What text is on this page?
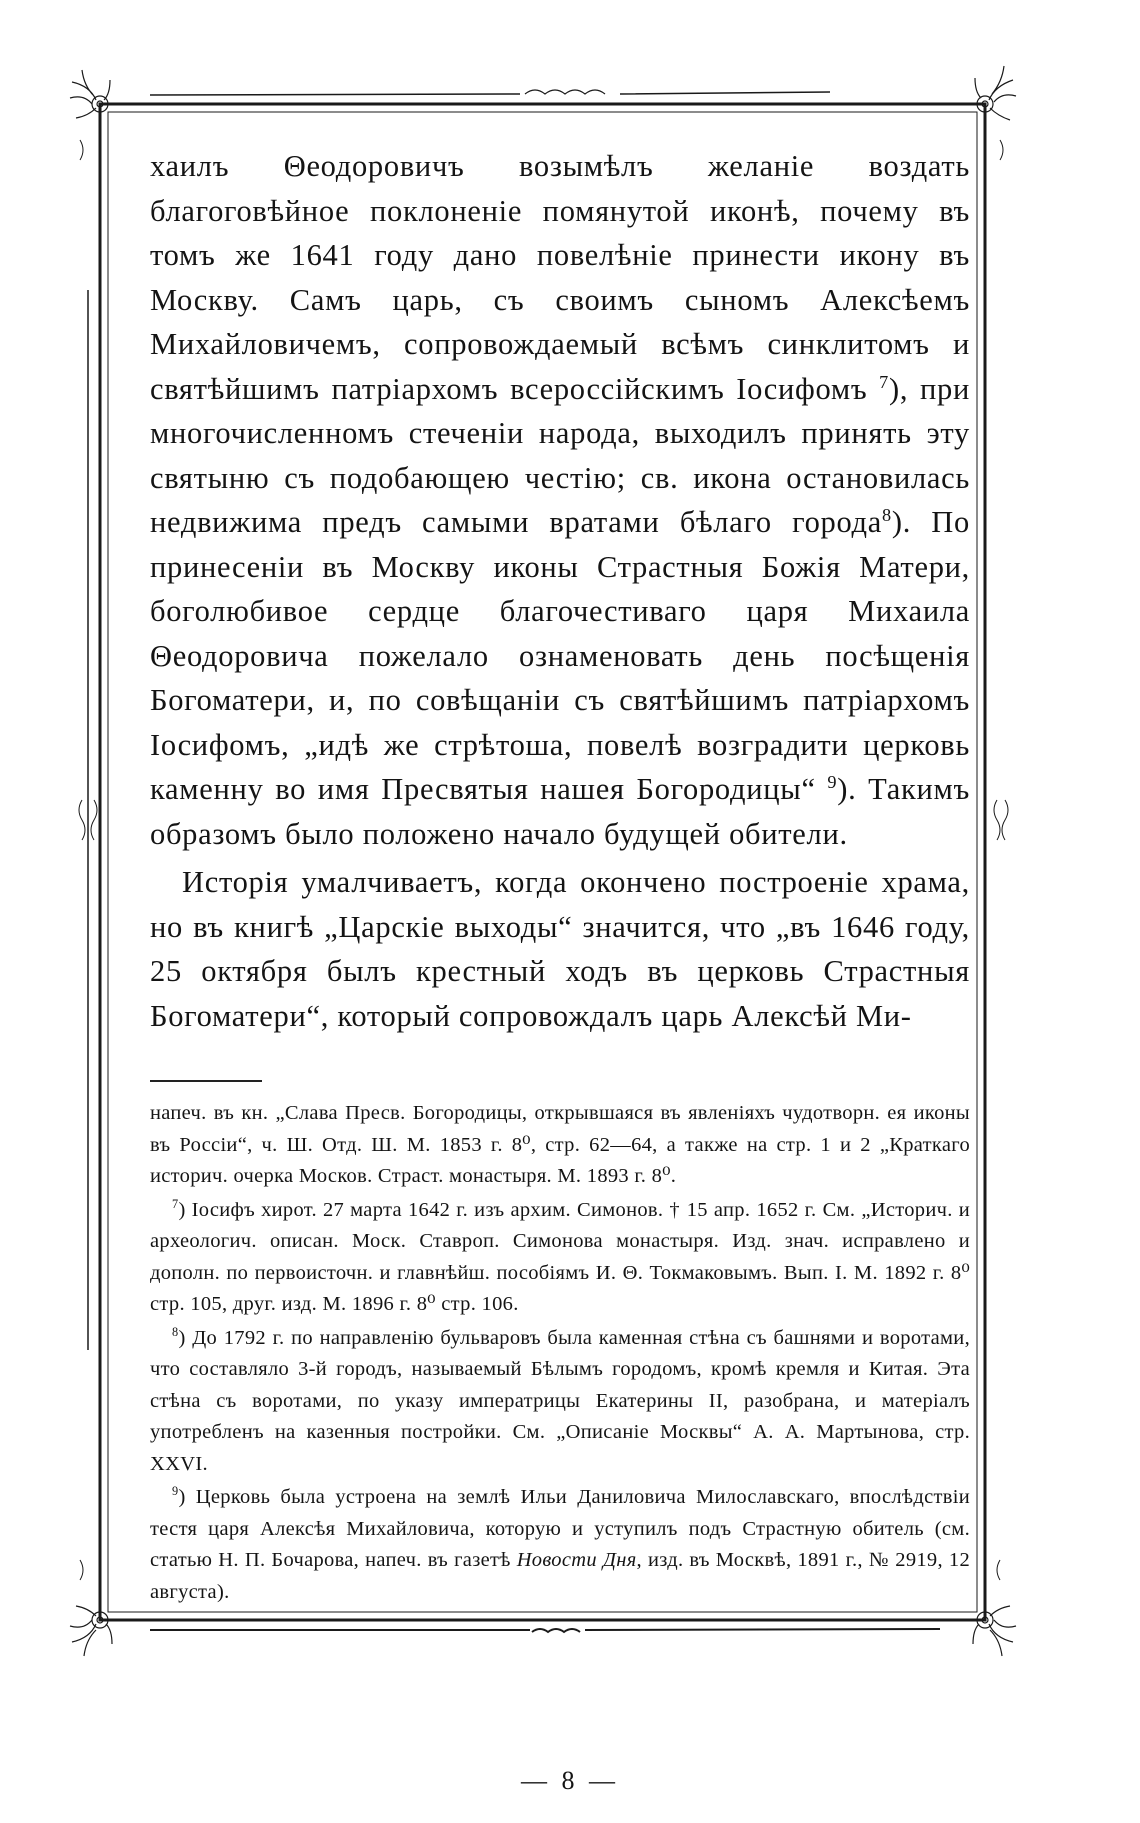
хаилъ Θеодоровичъ возымѣлъ желаніе воздать благоговѣйное поклоненіе помянутой иконѣ, почему въ томъ же 1641 году дано повелѣніе принести икону въ Москву. Самъ царь, съ своимъ сыномъ Алексѣемъ Михайловичемъ, сопровождаемый всѣмъ синклитомъ и святѣйшимъ патріархомъ всероссійскимъ Іосифомъ $^7$), при многочисленномъ стеченіи народа, выходилъ принять эту святыню съ подобающею честію; св. икона остановилась недвижима предъ самыми вратами бѣлаго города$^8$). По принесеніи въ Москву иконы Страстныя Божія Матери, боголюбивое сердце благочестиваго царя Михаила Θеодоровича пожелало ознаменовать день посѣщенія Богоматери, и, по совѣщаніи съ святѣйшимъ патріархомъ Іосифомъ, „идѣ же стрѣтоша, повелѣ возградити церковь каменну во имя Пресвятыя нашея Богородицы“ $^9$). Такимъ образомъ было положено начало будущей обители.

Исторія умалчиваетъ, когда окончено построеніе храма, но въ книгѣ „Царскіе выходы“ значится, что „въ 1646 году, 25 октября былъ крестный ходъ въ церковь Страстныя Богоматери“, который сопровождалъ царь Алексѣй Ми-

напеч. въ кн. „Слава Пресв. Богородицы, открывшаяся въ явленіяхъ чудотворн. ея иконы въ Россіи“, ч. Ш. Отд. Ш. М. 1853 г. 8⁰, стр. 62—64, а также на стр. 1 и 2 „Краткаго историч. очерка Москов. Страст. монастыря. М. 1893 г. 8⁰.

$^7$) Іосифъ хирот. 27 марта 1642 г. изъ архим. Симонов. † 15 апр. 1652 г. См. „Историч. и археологич. описан. Моск. Ставроп. Симонова монастыря. Изд. знач. исправлено и дополн. по первоисточн. и главнѣйш. пособіямъ И. Θ. Токмаковымъ. Вып. І. М. 1892 г. 8⁰ стр. 105, друг. изд. М. 1896 г. 8⁰ стр. 106.

$^8$) До 1792 г. по направленію бульваровъ была каменная стѣна съ башнями и воротами, что составляло 3-й городъ, называемый Бѣлымъ городомъ, кромѣ кремля и Китая. Эта стѣна съ воротами, по указу императрицы Екатерины II, разобрана, и матеріалъ употребленъ на казенныя постройки. См. „Описаніе Москвы“ А. А. Мартынова, стр. XXVI.

$^9$) Церковь была устроена на землѣ Ильи Даниловича Милославскаго, впослѣдствіи тестя царя Алексѣя Михайловича, которую и уступилъ подъ Страстную обитель (см. статью Н. П. Бочарова, напеч. въ газетѣ Новости Дня, изд. въ Москвѣ, 1891 г., № 2919, 12 августа).

— 8 —
